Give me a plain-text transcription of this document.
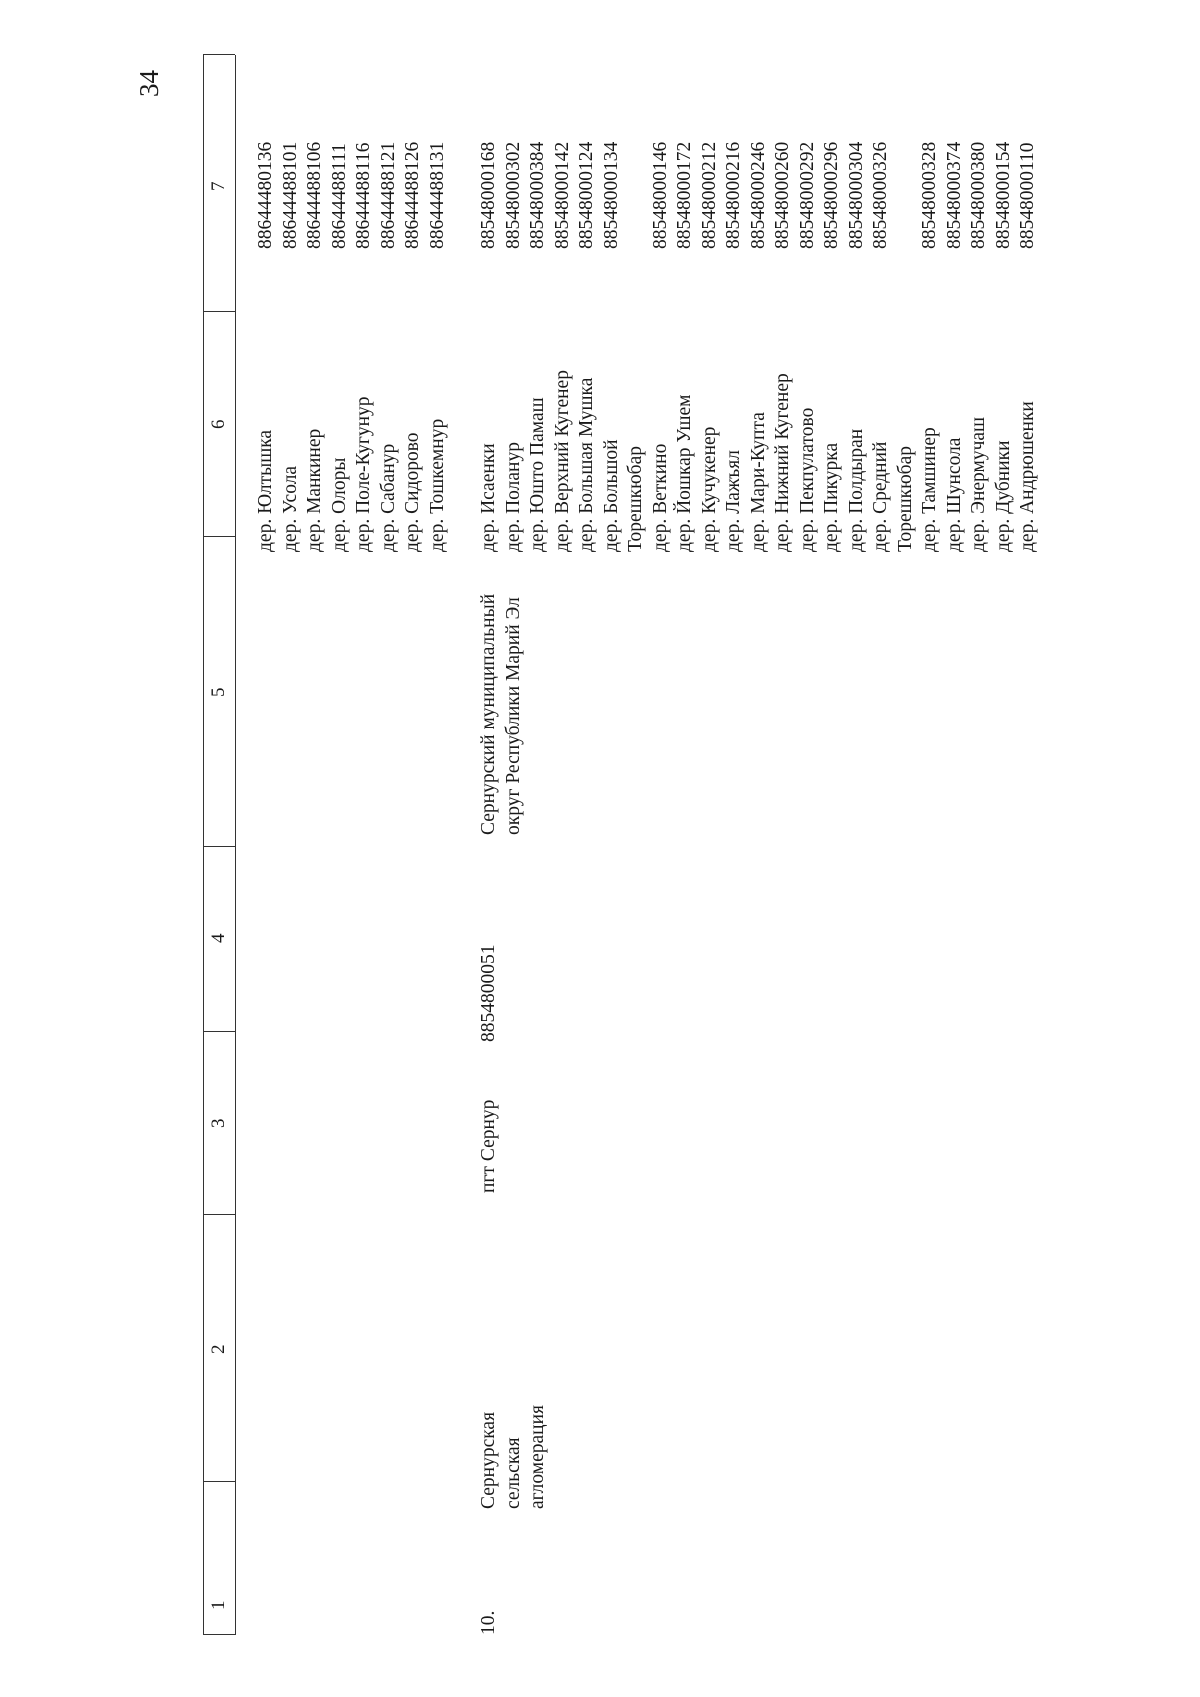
34
1
2
3
4
5
6
7
дер. Юлтышка дер. Усола дер. Манкинер дер. Олоры дер. Поле-Кугунур дер. Сабанур дер. Сидорово дер. Тошкемнур
88644480136 88644488101 88644488106 88644488111 88644488116 88644488121 88644488126 88644488131
10.
Сернурская сельская агломерация
пгт Сернур
8854800051
Сернурский муниципальный округ Республики Марий Эл
дер. Исаенки дер. Поланур дер. Юшто Памаш дер. Верхний Кугенер дер. Большая Мушка дер. Большой Торешкюбар дер. Веткино дер. Йошкар Ушем дер. Кучукенер дер. Лажъял дер. Мари-Купта дер. Нижний Кугенер дер. Пекпулатово дер. Пикурка дер. Полдыран дер. Средний Торешкюбар дер. Тамшинер дер. Шунсола дер. Энермучаш дер. Дубники дер. Андрюшенки
88548000168 88548000302 88548000384 88548000142 88548000124 88548000134
88548000146 88548000172 88548000212 88548000216 88548000246 88548000260 88548000292 88548000296 88548000304 88548000326
88548000328 88548000374 88548000380 88548000154 88548000110
